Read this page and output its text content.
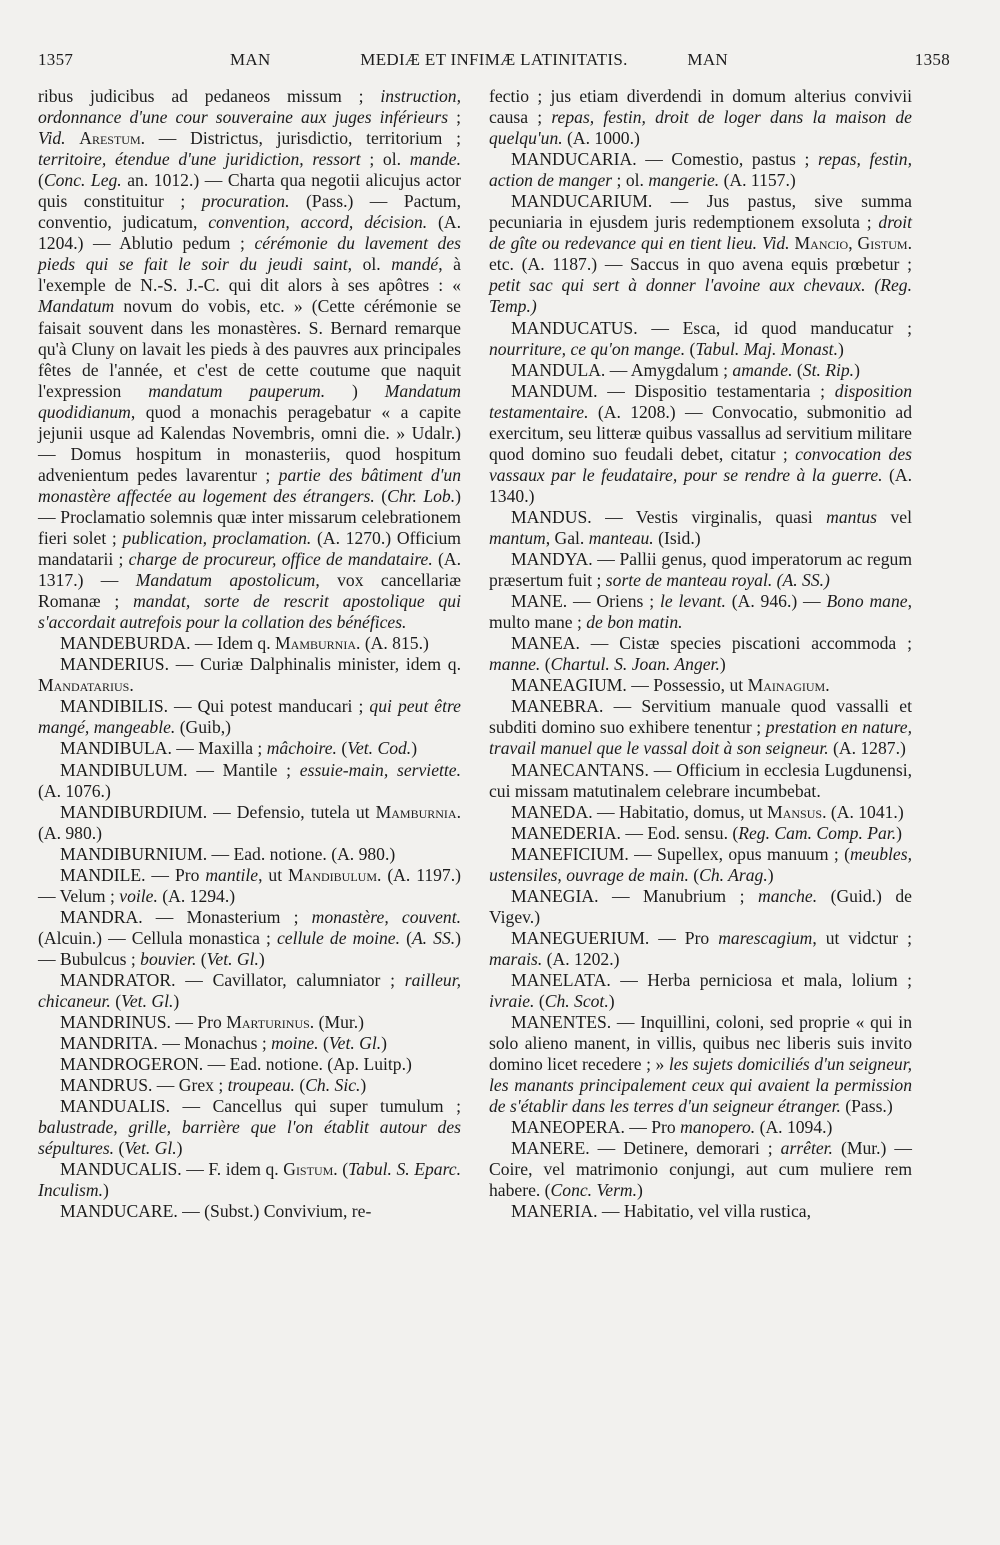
1357	MAN	MEDIÆ ET INFIMÆ LATINITATIS.	MAN	1358

ribus judicibus ad pedaneos missum ; instruction, ordonnance d'une cour souveraine aux juges inférieurs ; Vid. Arestum. — Districtus, jurisdictio, territorium ; territoire, étendue d'une juridiction, ressort ; ol. mande. (Conc. Leg. an. 1012.) — Charta qua negotii alicujus actor quis constituitur ; procuration. (Pass.) — Pactum, conventio, judicatum, convention, accord, décision. (A. 1204.) — Ablutio pedum ; cérémonie du lavement des pieds qui se fait le soir du jeudi saint, ol. mandé, à l'exemple de N.-S. J.-C. qui dit alors à ses apôtres : « Mandatum novum do vobis, etc. » (Cette cérémonie se faisait souvent dans les monastères. S. Bernard remarque qu'à Cluny on lavait les pieds à des pauvres aux principales fêtes de l'année, et c'est de cette coutume que naquit l'expression mandatum pauperum. ) Mandatum quodidianum, quod a monachis peragebatur « a capite jejunii usque ad Kalendas Novembris, omni die. » Udalr.) — Domus hospitum in monasteriis, quod hospitum advenientum pedes lavarentur ; partie des bâtiment d'un monastère affectée au logement des étrangers. (Chr. Lob.) — Proclamatio solemnis quæ inter missarum celebrationem fieri solet ; publication, proclamation. (A. 1270.) Officium mandatarii ; charge de procureur, office de mandataire. (A. 1317.) — Mandatum apostolicum, vox cancellariæ Romanæ ; mandat, sorte de rescrit apostolique qui s'accordait autrefois pour la collation des bénéfices.

MANDEBURDA. — Idem q. Mamburnia. (A. 815.)

MANDERIUS. — Curiæ Dalphinalis minister, idem q. Mandatarius.

MANDIBILIS. — Qui potest manducari ; qui peut être mangé, mangeable. (Guib,)

MANDIBULA. — Maxilla ; mâchoire. (Vet. Cod.)

MANDIBULUM. — Mantile ; essuie-main, serviette. (A. 1076.)

MANDIBURDIUM. — Defensio, tutela ut Mamburnia. (A. 980.)

MANDIBURNIUM. — Ead. notione. (A. 980.)

MANDILE. — Pro mantile, ut Mandibulum. (A. 1197.) — Velum ; voile. (A. 1294.)

MANDRA. — Monasterium ; monastère, couvent. (Alcuin.) — Cellula monastica ; cellule de moine. (A. SS.) — Bubulcus ; bouvier. (Vet. Gl.)

MANDRATOR. — Cavillator, calumniator ; railleur, chicaneur. (Vet. Gl.)

MANDRINUS. — Pro Marturinus. (Mur.)

MANDRITA. — Monachus ; moine. (Vet. Gl.)

MANDROGERON. — Ead. notione. (Ap. Luitp.)

MANDRUS. — Grex ; troupeau. (Ch. Sic.)

MANDUALIS. — Cancellus qui super tumulum ; balustrade, grille, barrière que l'on établit autour des sépultures. (Vet. Gl.)

MANDUCALIS. — F. idem q. Gistum. (Tabul. S. Eparc. Inculism.)

MANDUCARE. — (Subst.) Convivium, re-

fectio ; jus etiam diverdendi in domum alterius convivii causa ; repas, festin, droit de loger dans la maison de quelqu'un. (A. 1000.)

MANDUCARIA. — Comestio, pastus ; repas, festin, action de manger ; ol. mangerie. (A. 1157.)

MANDUCARIUM. — Jus pastus, sive summa pecuniaria in ejusdem juris redemptionem exsoluta ; droit de gîte ou redevance qui en tient lieu. Vid. Mancio, Gistum. etc. (A. 1187.) — Saccus in quo avena equis prœbetur ; petit sac qui sert à donner l'avoine aux chevaux. (Reg. Temp.)

MANDUCATUS. — Esca, id quod manducatur ; nourriture, ce qu'on mange. (Tabul. Maj. Monast.)

MANDULA. — Amygdalum ; amande. (St. Rip.)

MANDUM. — Dispositio testamentaria ; disposition testamentaire. (A. 1208.) — Convocatio, submonitio ad exercitum, seu litteræ quibus vassallus ad servitium militare quod domino suo feudali debet, citatur ; convocation des vassaux par le feudataire, pour se rendre à la guerre. (A. 1340.)

MANDUS. — Vestis virginalis, quasi mantus vel mantum, Gal. manteau. (Isid.)

MANDYA. — Pallii genus, quod imperatorum ac regum præsertum fuit ; sorte de manteau royal. (A. SS.)

MANE. — Oriens ; le levant. (A. 946.) — Bono mane, multo mane ; de bon matin.

MANEA. — Cistæ species piscationi accommoda ; manne. (Chartul. S. Joan. Anger.)

MANEAGIUM. — Possessio, ut Mainagium.

MANEBRA. — Servitium manuale quod vassalli et subditi domino suo exhibere tenentur ; prestation en nature, travail manuel que le vassal doit à son seigneur. (A. 1287.)

MANECANTANS. — Officium in ecclesia Lugdunensi, cui missam matutinalem celebrare incumbebat.

MANEDA. — Habitatio, domus, ut Mansus. (A. 1041.)

MANEDERIA. — Eod. sensu. (Reg. Cam. Comp. Par.)

MANEFICIUM. — Supellex, opus manuum ; (meubles, ustensiles, ouvrage de main. (Ch. Arag.)

MANEGIA. — Manubrium ; manche. (Guid.) de Vigev.)

MANEGUERIUM. — Pro marescagium, ut vidctur ; marais. (A. 1202.)

MANELATA. — Herba perniciosa et mala, lolium ; ivraie. (Ch. Scot.)

MANENTES. — Inquillini, coloni, sed proprie « qui in solo alieno manent, in villis, quibus nec liberis suis invito domino licet recedere ; » les sujets domiciliés d'un seigneur, les manants principalement ceux qui avaient la permission de s'établir dans les terres d'un seigneur étranger. (Pass.)

MANEOPERA. — Pro manopero. (A. 1094.)

MANERE. — Detinere, demorari ; arrêter. (Mur.) — Coire, vel matrimonio conjungi, aut cum muliere rem habere. (Conc. Verm.)

MANERIA. — Habitatio, vel villa rustica,
